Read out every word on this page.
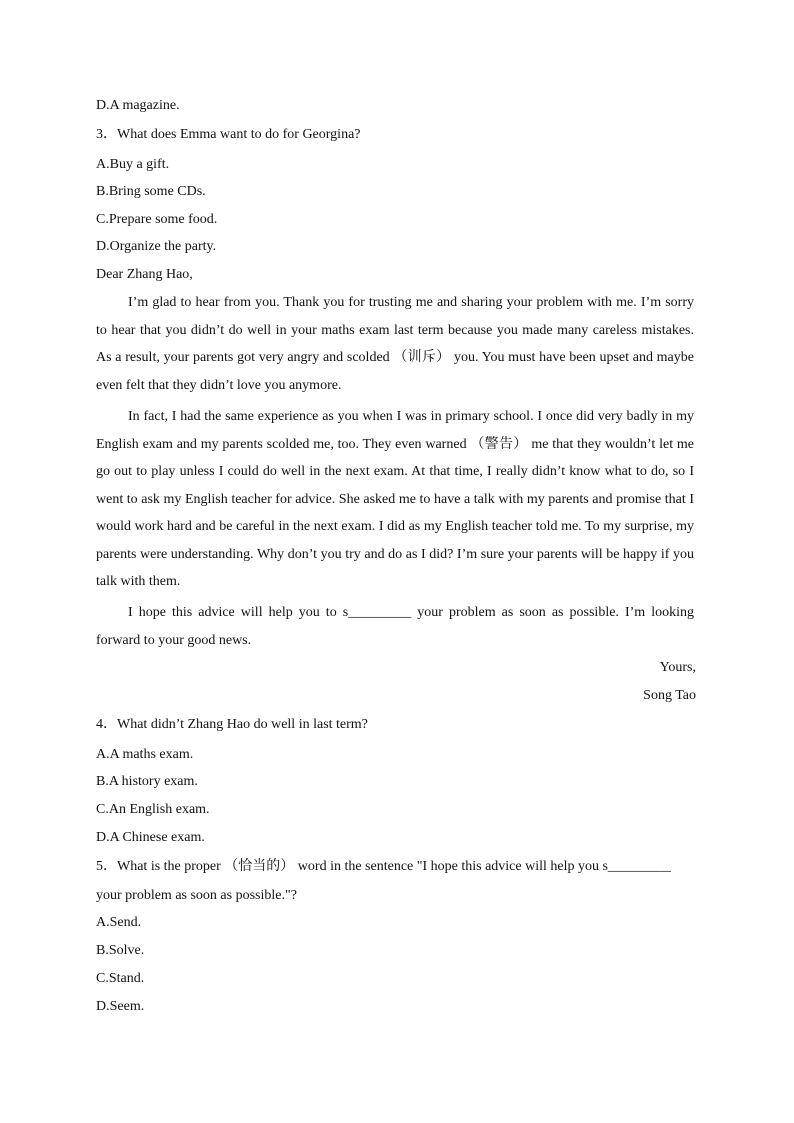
D.A magazine.
3．What does Emma want to do for Georgina?
A.Buy a gift.
B.Bring some CDs.
C.Prepare some food.
D.Organize the party.
Dear Zhang Hao,
I’m glad to hear from you. Thank you for trusting me and sharing your problem with me. I’m sorry to hear that you didn’t do well in your maths exam last term because you made many careless mistakes. As a result, your parents got very angry and scolded （训斥） you. You must have been upset and maybe even felt that they didn’t love you anymore.
In fact, I had the same experience as you when I was in primary school. I once did very badly in my English exam and my parents scolded me, too. They even warned （警告） me that they wouldn’t let me go out to play unless I could do well in the next exam. At that time, I really didn’t know what to do, so I went to ask my English teacher for advice. She asked me to have a talk with my parents and promise that I would work hard and be careful in the next exam. I did as my English teacher told me. To my surprise, my parents were understanding. Why don’t you try and do as I did? I’m sure your parents will be happy if you talk with them.
I hope this advice will help you to s_________ your problem as soon as possible. I’m looking forward to your good news.
Yours,
Song Tao
4．What didn’t Zhang Hao do well in last term?
A.A maths exam.
B.A history exam.
C.An English exam.
D.A Chinese exam.
5．What is the proper （恰当的） word in the sentence "I hope this advice will help you s_________ your problem as soon as possible."?
A.Send.
B.Solve.
C.Stand.
D.Seem.
